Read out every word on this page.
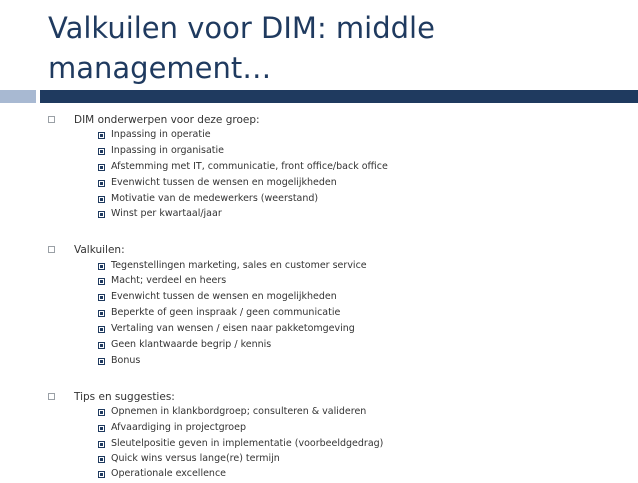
Valkuilen voor DIM: middle
management…
DIM onderwerpen voor deze groep:
Inpassing in operatie
Inpassing in organisatie
Afstemming met IT, communicatie, front office/back office
Evenwicht tussen de wensen en mogelijkheden
Motivatie van de medewerkers (weerstand)
Winst per kwartaal/jaar
Valkuilen:
Tegenstellingen marketing, sales en customer service
Macht; verdeel en heers
Evenwicht tussen de wensen en mogelijkheden
Beperkte of geen inspraak / geen communicatie
Vertaling van wensen / eisen naar pakketomgeving
Geen klantwaarde begrip / kennis
Bonus
Tips en suggesties:
Opnemen in klankbordgroep; consulteren & valideren
Afvaardiging in projectgroep
Sleutelpositie geven in implementatie (voorbeeldgedrag)
Quick wins versus lange(re) termijn
Operationale excellence
